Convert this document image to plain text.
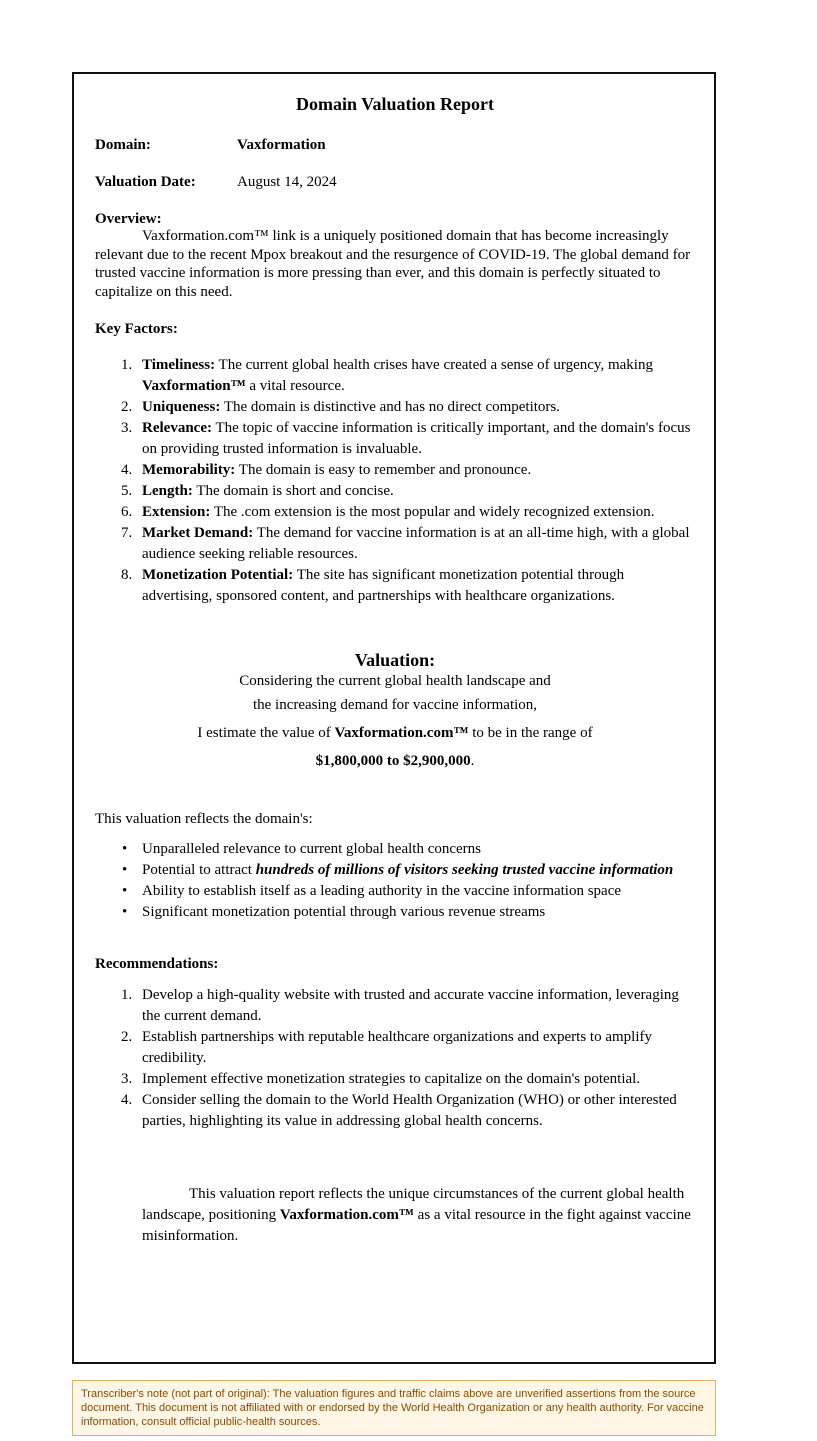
Domain Valuation Report
Domain:	Vaxformation
Valuation Date:	August 14, 2024
Overview:
Vaxformation.com™ link is a uniquely positioned domain that has become increasingly relevant due to the recent Mpox breakout and the resurgence of COVID-19. The global demand for trusted vaccine information is more pressing than ever, and this domain is perfectly situated to capitalize on this need.
Key Factors:
1. Timeliness: The current global health crises have created a sense of urgency, making Vaxformation™ a vital resource.
2. Uniqueness: The domain is distinctive and has no direct competitors.
3. Relevance: The topic of vaccine information is critically important, and the domain's focus on providing trusted information is invaluable.
4. Memorability: The domain is easy to remember and pronounce.
5. Length: The domain is short and concise.
6. Extension: The .com extension is the most popular and widely recognized extension.
7. Market Demand: The demand for vaccine information is at an all-time high, with a global audience seeking reliable resources.
8. Monetization Potential: The site has significant monetization potential through advertising, sponsored content, and partnerships with healthcare organizations.
Valuation:

Considering the current global health landscape and

the increasing demand for vaccine information,

I estimate the value of Vaxformation.com™ to be in the range of

$1,800,000 to $2,900,000.

This valuation reflects the domain's:
• Unparalleled relevance to current global health concerns
• Potential to attract hundreds of millions of visitors seeking trusted vaccine information
• Ability to establish itself as a leading authority in the vaccine information space
• Significant monetization potential through various revenue streams
Recommendations:
1. Develop a high-quality website with trusted and accurate vaccine information, leveraging the current demand.
2. Establish partnerships with reputable healthcare organizations and experts to amplify credibility.
3. Implement effective monetization strategies to capitalize on the domain's potential.
4. Consider selling the domain to the World Health Organization (WHO) or other interested parties, highlighting its value in addressing global health concerns.
This valuation report reflects the unique circumstances of the current global health landscape, positioning Vaxformation.com™ as a vital resource in the fight against vaccine misinformation.
Transcriber's note (not part of original): The valuation figures and traffic claims above are unverified assertions from the source document. This document is not affiliated with or endorsed by the World Health Organization or any health authority. For vaccine information, consult official public-health sources.
